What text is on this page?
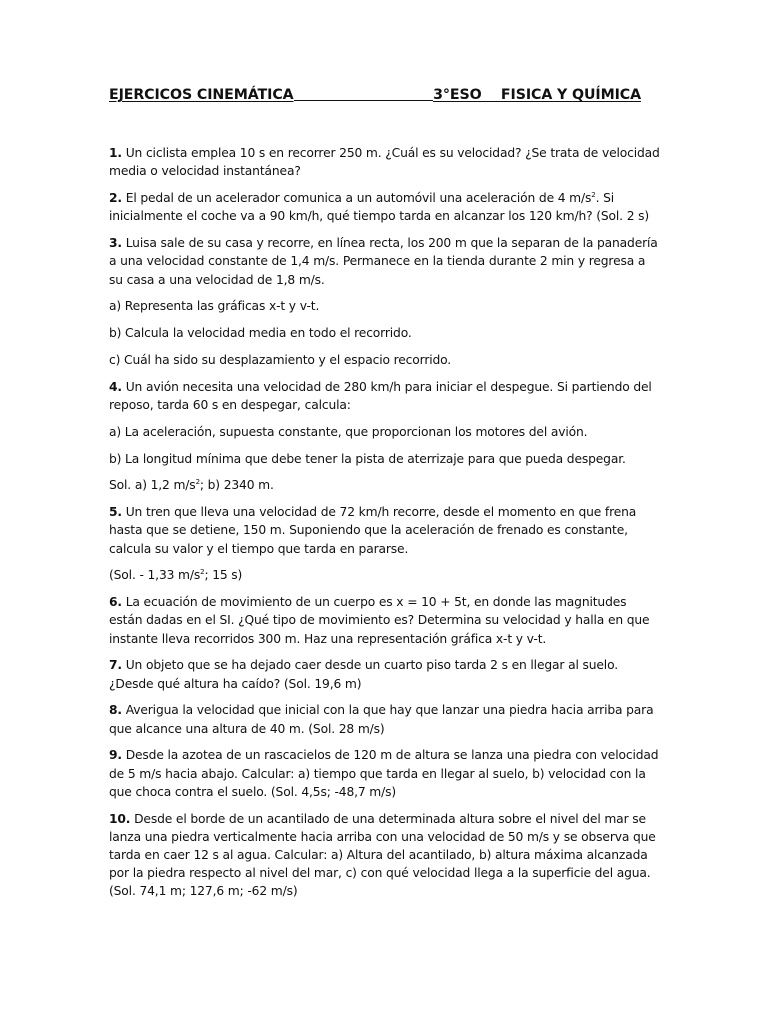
EJERCICOS CINEMÁTICA	3°ESO    FISICA Y QUÍMICA

1. Un ciclista emplea 10 s en recorrer 250 m. ¿Cuál es su velocidad? ¿Se trata de velocidad media o velocidad instantánea?

2. El pedal de un acelerador comunica a un automóvil una aceleración de 4 $m/s^2$. Si inicialmente el coche va a 90 km/h, qué tiempo tarda en alcanzar los 120 km/h? (Sol. 2 s)

3. Luisa sale de su casa y recorre, en línea recta, los 200 m que la separan de la panadería a una velocidad constante de 1,4 m/s. Permanece en la tienda durante 2 min y regresa a su casa a una velocidad de 1,8 m/s.

a) Representa las gráficas x-t y v-t.

b) Calcula la velocidad media en todo el recorrido.

c) Cuál ha sido su desplazamiento y el espacio recorrido.

4. Un avión necesita una velocidad de 280 km/h para iniciar el despegue. Si partiendo del reposo, tarda 60 s en despegar, calcula:

a) La aceleración, supuesta constante, que proporcionan los motores del avión.

b) La longitud mínima que debe tener la pista de aterrizaje para que pueda despegar.

Sol. a) 1,2 $m/s^2$; b) 2340 m.

5. Un tren que lleva una velocidad de 72 km/h recorre, desde el momento en que frena hasta que se detiene, 150 m. Suponiendo que la aceleración de frenado es constante, calcula su valor y el tiempo que tarda en pararse.

(Sol. - 1,33 $m/s^2$; 15 s)

6. La ecuación de movimiento de un cuerpo es x = 10 + 5t, en donde las magnitudes están dadas en el SI. ¿Qué tipo de movimiento es? Determina su velocidad y halla en que instante lleva recorridos 300 m. Haz una representación gráfica x-t y v-t.

7. Un objeto que se ha dejado caer desde un cuarto piso tarda 2 s en llegar al suelo. ¿Desde qué altura ha caído? (Sol. 19,6 m)

8. Averigua la velocidad que inicial con la que hay que lanzar una piedra hacia arriba para que alcance una altura de 40 m. (Sol. 28 m/s)

9. Desde la azotea de un rascacielos de 120 m de altura se lanza una piedra con velocidad de 5 m/s hacia abajo. Calcular: a) tiempo que tarda en llegar al suelo, b) velocidad con la que choca contra el suelo. (Sol. 4,5s; -48,7 m/s)

10. Desde el borde de un acantilado de una determinada altura sobre el nivel del mar se lanza una piedra verticalmente hacia arriba con una velocidad de 50 m/s y se observa que tarda en caer 12 s al agua. Calcular: a) Altura del acantilado, b) altura máxima alcanzada por la piedra respecto al nivel del mar, c) con qué velocidad llega a la superficie del agua. (Sol. 74,1 m; 127,6 m; -62 m/s)
